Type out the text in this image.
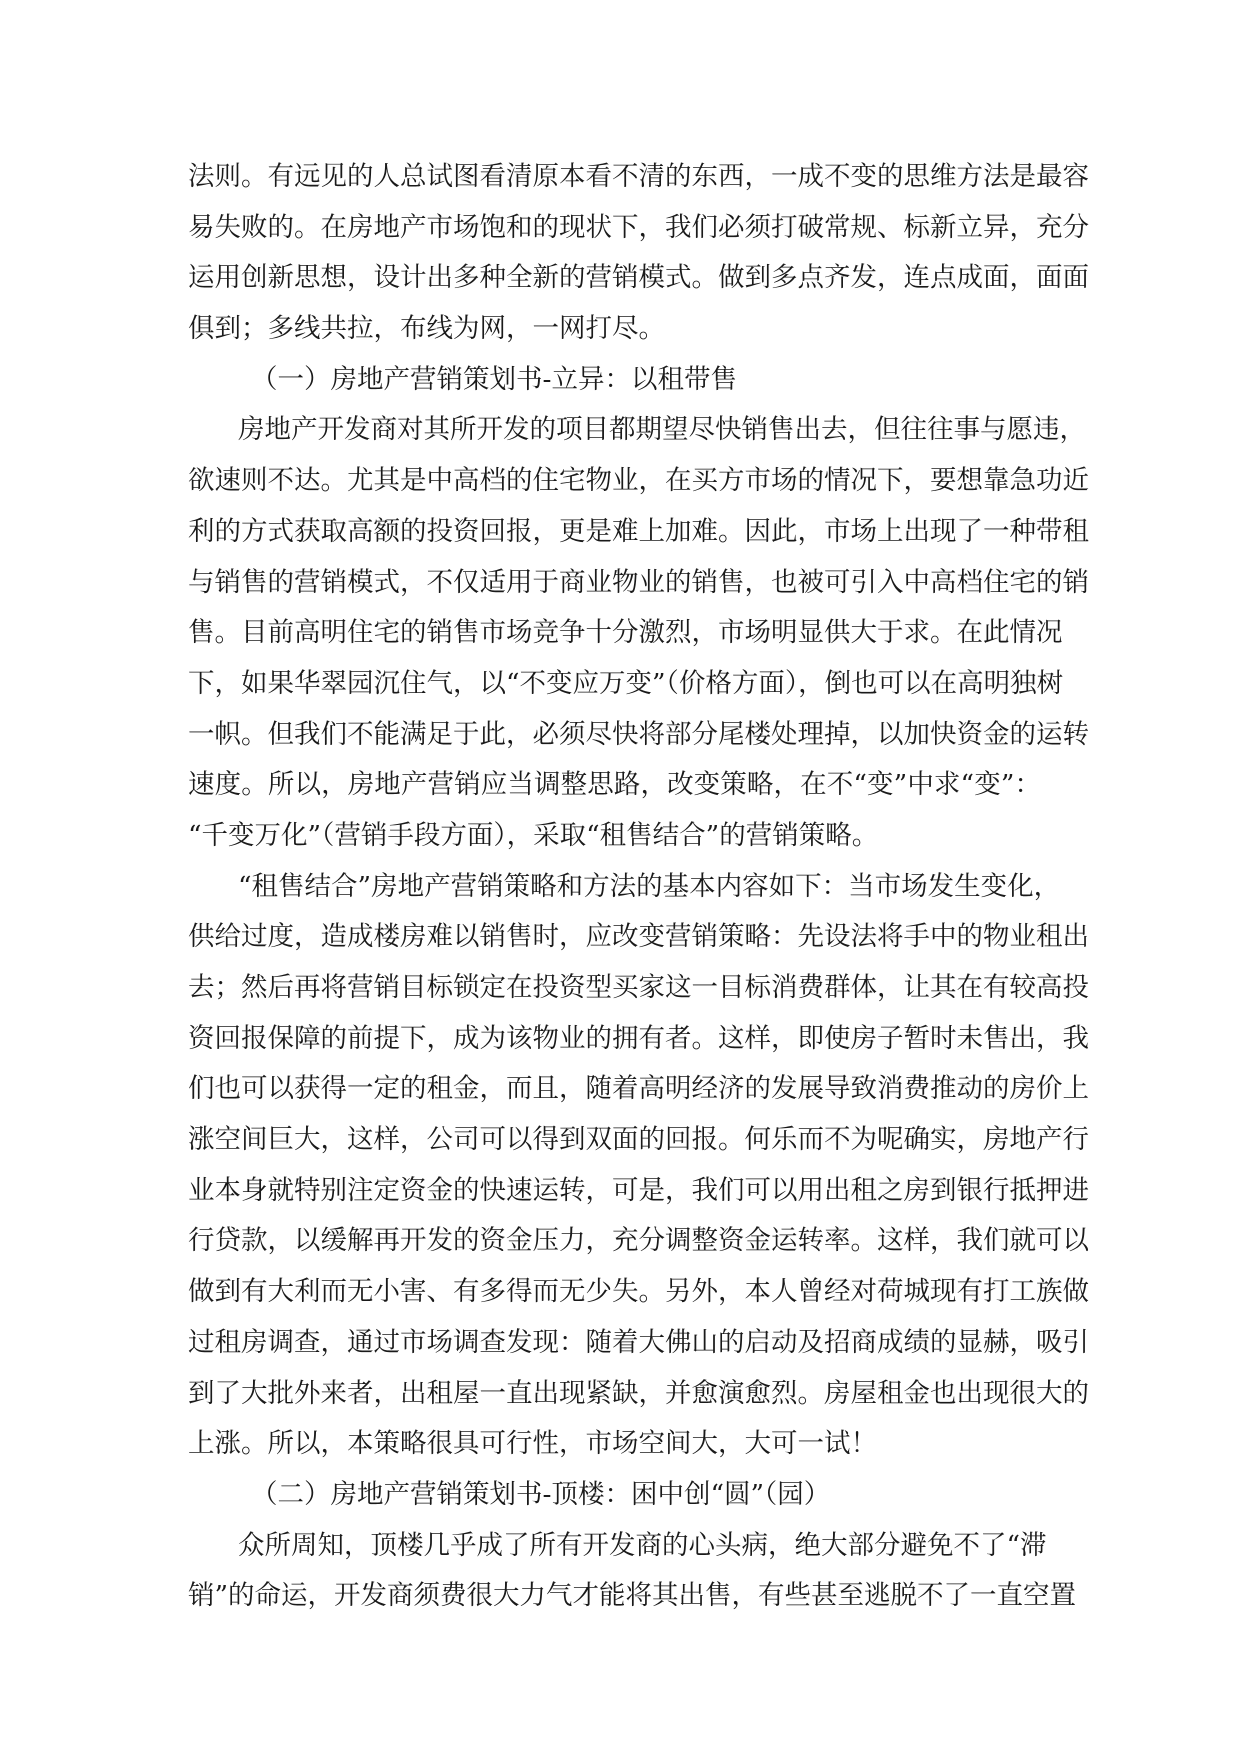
法则。有远见的人总试图看清原本看不清的东西，一成不变的思维方法是最容
易失败的。在房地产市场饱和的现状下，我们必须打破常规、标新立异，充分
运用创新思想，设计出多种全新的营销模式。做到多点齐发，连点成面，面面
俱到；多线共拉，布线为网，一网打尽。
（一）房地产营销策划书-立异：以租带售
房地产开发商对其所开发的项目都期望尽快销售出去，但往往事与愿违，
欲速则不达。尤其是中高档的住宅物业，在买方市场的情况下，要想靠急功近
利的方式获取高额的投资回报，更是难上加难。因此，市场上出现了一种带租
与销售的营销模式，不仅适用于商业物业的销售，也被可引入中高档住宅的销
售。目前高明住宅的销售市场竞争十分激烈，市场明显供大于求。在此情况
下，如果华翠园沉住气，以“不变应万变”（价格方面），倒也可以在高明独树
一帜。但我们不能满足于此，必须尽快将部分尾楼处理掉，以加快资金的运转
速度。所以，房地产营销应当调整思路，改变策略，在不“变”中求“变”：
“千变万化”（营销手段方面），采取“租售结合”的营销策略。
“租售结合”房地产营销策略和方法的基本内容如下：当市场发生变化，
供给过度，造成楼房难以销售时，应改变营销策略：先设法将手中的物业租出
去；然后再将营销目标锁定在投资型买家这一目标消费群体，让其在有较高投
资回报保障的前提下，成为该物业的拥有者。这样，即使房子暂时未售出，我
们也可以获得一定的租金，而且，随着高明经济的发展导致消费推动的房价上
涨空间巨大，这样，公司可以得到双面的回报。何乐而不为呢确实，房地产行
业本身就特别注定资金的快速运转，可是，我们可以用出租之房到银行抵押进
行贷款，以缓解再开发的资金压力，充分调整资金运转率。这样，我们就可以
做到有大利而无小害、有多得而无少失。另外，本人曾经对荷城现有打工族做
过租房调查，通过市场调查发现：随着大佛山的启动及招商成绩的显赫，吸引
到了大批外来者，出租屋一直出现紧缺，并愈演愈烈。房屋租金也出现很大的
上涨。所以，本策略很具可行性，市场空间大，大可一试！
（二）房地产营销策划书-顶楼：困中创“圆”（园）
众所周知，顶楼几乎成了所有开发商的心头病，绝大部分避免不了“滞
销”的命运，开发商须费很大力气才能将其出售，有些甚至逃脱不了一直空置
